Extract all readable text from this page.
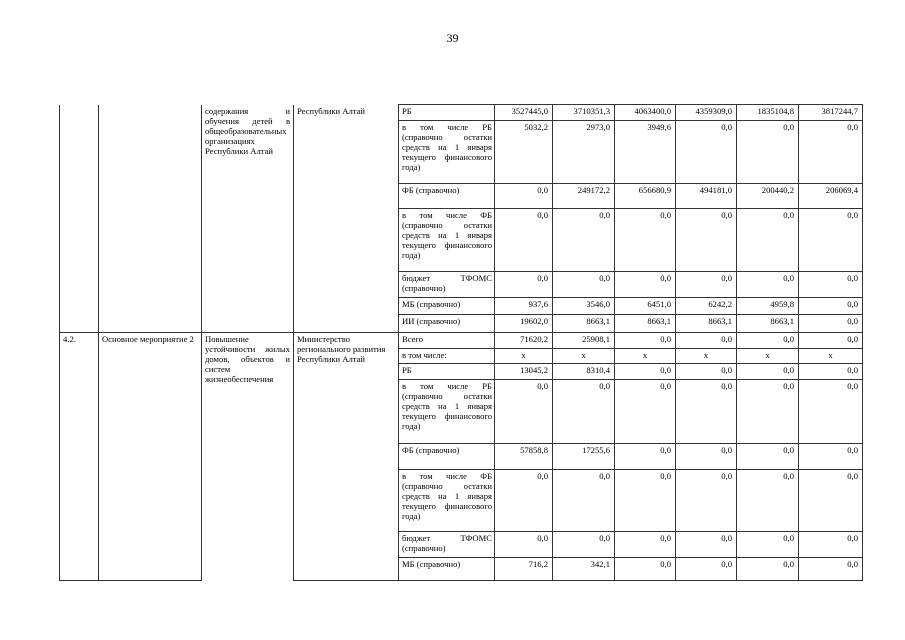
39
		содержания и обучения детей в общеобразовательных организациях Республики Алтай	Республики Алтай	РБ	3527445,0	3710351,3	4063400,0	4359309,0	1835104,8	3817244,7
				в том числе РБ (справочно остатки средств на 1 января текущего финансового года)	5032,2	2973,0	3949,6	0,0	0,0	0,0
				ФБ (справочно)	0,0	249172,2	656680,9	494181,0	200440,2	206069,4
				в том числе ФБ (справочно остатки средств на 1 января текущего финансового года)	0,0	0,0	0,0	0,0	0,0	0,0
				бюджет ТФОМС (справочно)	0,0	0,0	0,0	0,0	0,0	0,0
				МБ (справочно)	937,6	3546,0	6451,0	6242,2	4959,8	0,0
				ИИ (справочно)	19602,0	8663,1	8663,1	8663,1	8663,1	0,0
4.2.	Основное мероприятие 2	Повышение устойчивости жилых домов, объектов и систем жизнеобеспечения	Министерство регионального развития Республики Алтай	Всего	71620,2	25908,1	0,0	0,0	0,0	0,0
				в том числе:	х	х	х	х	х	х
				РБ	13045,2	8310,4	0,0	0,0	0,0	0,0
				в том числе РБ (справочно остатки средств на 1 января текущего финансового года)	0,0	0,0	0,0	0,0	0,0	0,0
				ФБ (справочно)	57858,8	17255,6	0,0	0,0	0,0	0,0
				в том числе ФБ (справочно остатки средств на 1 января текущего финансового года)	0,0	0,0	0,0	0,0	0,0	0,0
				бюджет ТФОМС (справочно)	0,0	0,0	0,0	0,0	0,0	0,0
				МБ (справочно)	716,2	342,1	0,0	0,0	0,0	0,0
